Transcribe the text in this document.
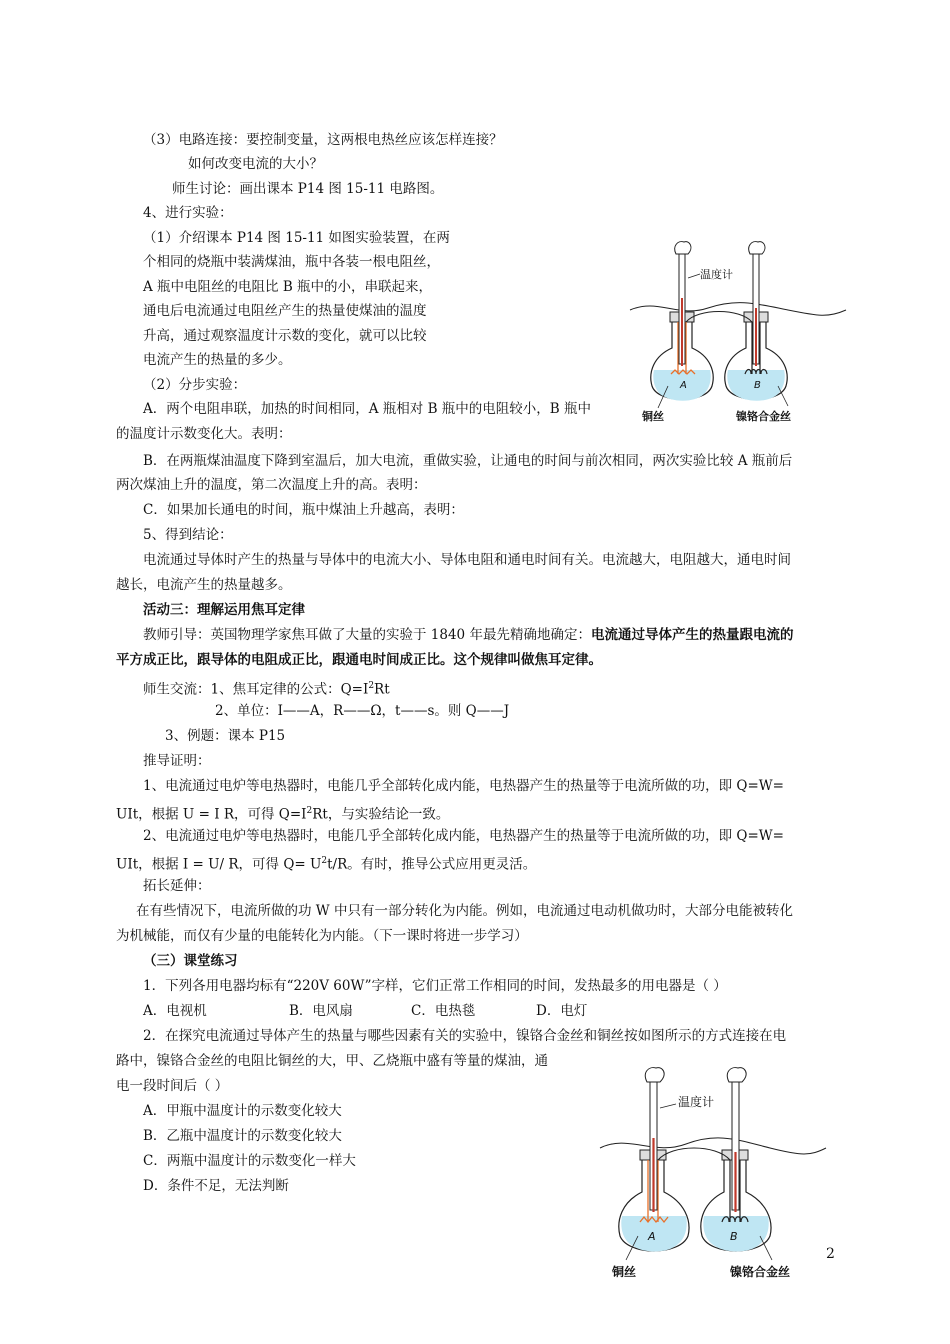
（3）电路连接：要控制变量，这两根电热丝应该怎样连接？
如何改变电流的大小？
师生讨论：画出课本 P14 图 15-11 电路图。
4、进行实验：
（1）介绍课本 P14 图 15-11 如图实验装置，在两
个相同的烧瓶中装满煤油，瓶中各装一根电阻丝，
A 瓶中电阻丝的电阻比 B 瓶中的小，串联起来，
通电后电流通过电阻丝产生的热量使煤油的温度
升高，通过观察温度计示数的变化，就可以比较
电流产生的热量的多少。
（2）分步实验：
A．两个电阻串联，加热的时间相同，A 瓶相对 B 瓶中的电阻较小，B 瓶中
的温度计示数变化大。表明：
B．在两瓶煤油温度下降到室温后，加大电流，重做实验，让通电的时间与前次相同，两次实验比较 A 瓶前后
两次煤油上升的温度，第二次温度上升的高。表明：
C．如果加长通电的时间，瓶中煤油上升越高，表明：
5、得到结论：
电流通过导体时产生的热量与导体中的电流大小、导体电阻和通电时间有关。电流越大，电阻越大，通电时间
越长，电流产生的热量越多。
活动三：理解运用焦耳定律
教师引导：英国物理学家焦耳做了大量的实验于 1840 年最先精确地确定：电流通过导体产生的热量跟电流的
平方成正比，跟导体的电阻成正比，跟通电时间成正比。这个规律叫做焦耳定律。
师生交流：1、焦耳定律的公式：$Q=I^2Rt$
2、单位：I——A，R——Ω，t——s。则 Q——J
3、例题：课本 P15
推导证明：
1、电流通过电炉等电热器时，电能几乎全部转化成内能，电热器产生的热量等于电流所做的功，即 Q=W=
UIt，根据 U = I R，可得 $Q=I^2Rt$，与实验结论一致。
2、电流通过电炉等电热器时，电能几乎全部转化成内能，电热器产生的热量等于电流所做的功，即 Q=W=
UIt，根据 I = U/ R，可得 $Q= U^2t/R$。有时，推导公式应用更灵活。
拓长延伸：
在有些情况下，电流所做的功 W 中只有一部分转化为内能。例如，电流通过电动机做功时，大部分电能被转化
为机械能，而仅有少量的电能转化为内能。（下一课时将进一步学习）
（三）课堂练习
1．下列各用电器均标有“220V 60W”字样，它们正常工作相同的时间，发热最多的用电器是（ ）
A．电视机	B．电风扇	C．电热毯	D．电灯
2．在探究电流通过导体产生的热量与哪些因素有关的实验中，镍铬合金丝和铜丝按如图所示的方式连接在电
路中，镍铬合金丝的电阻比铜丝的大，甲、乙烧瓶中盛有等量的煤油，通
电一段时间后（ ）
A．甲瓶中温度计的示数变化较大
B．乙瓶中温度计的示数变化较大
C．两瓶中温度计的示数变化一样大
D．条件不足，无法判断
温度计
A	B
铜丝	镍铬合金丝
温度计
A	B
铜丝	镍铬合金丝
2
